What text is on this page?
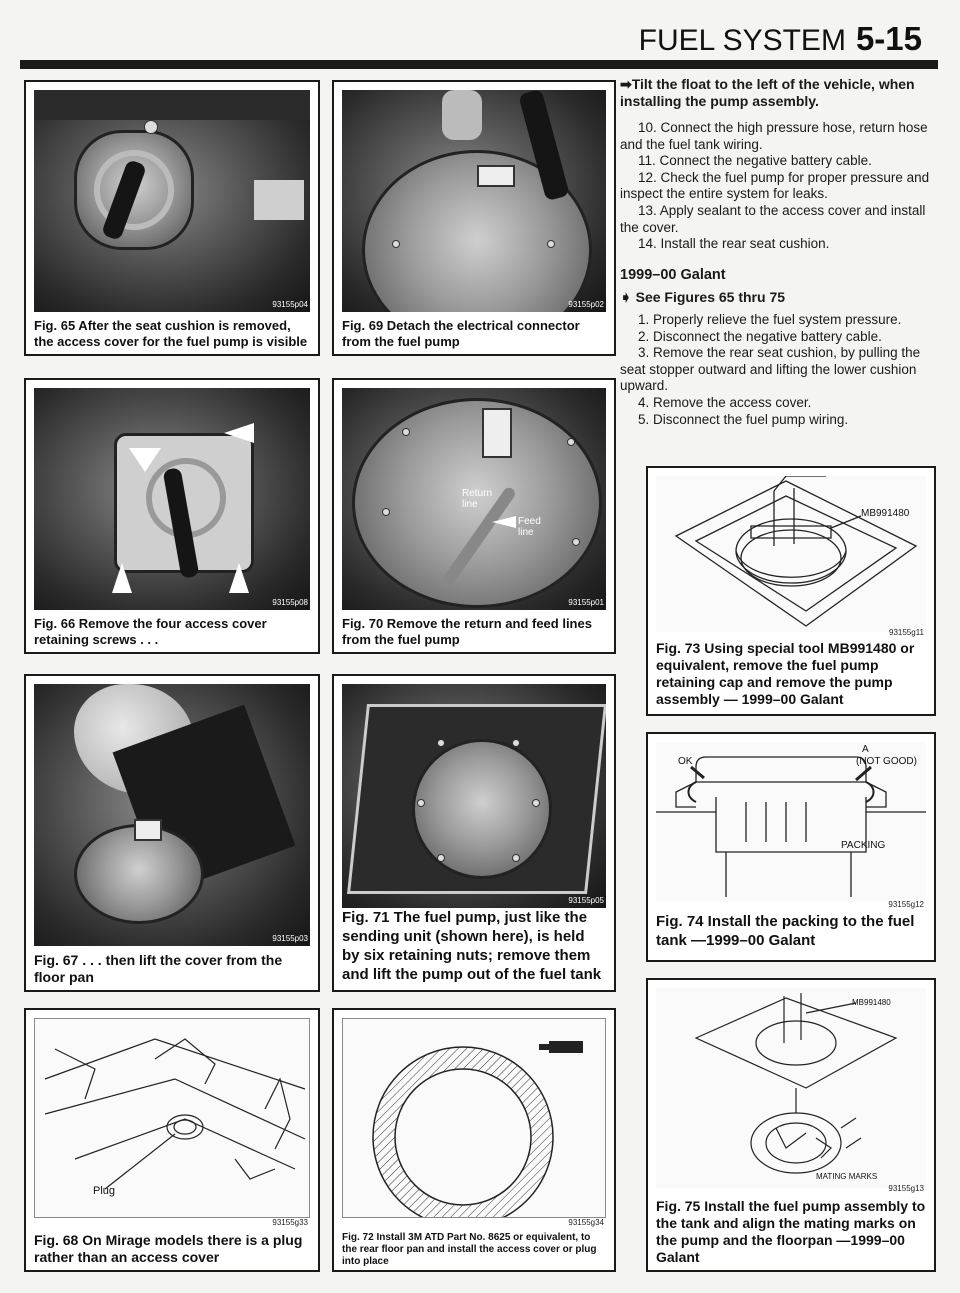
FUEL SYSTEM 5-15
93155p04
Fig. 65 After the seat cushion is removed, the access cover for the fuel pump is visible
93155p02
Fig. 69 Detach the electrical connector from the fuel pump
93155p08
Fig. 66 Remove the four access cover retaining screws . . .
Return line
Feed line
93155p01
Fig. 70 Remove the return and feed lines from the fuel pump
93155p03
Fig. 67 . . . then lift the cover from the floor pan
93155p05
Fig. 71 The fuel pump, just like the sending unit (shown here), is held by six retaining nuts; remove them and lift the pump out of the fuel tank
Plug
93155g33
Fig. 68 On Mirage models there is a plug rather than an access cover
93155g34
Fig. 72 Install 3M ATD Part No. 8625 or equivalent, to the rear floor pan and install the access cover or plug into place

➡Tilt the float to the left of the vehicle, when installing the pump assembly.

10. Connect the high pressure hose, return hose and the fuel tank wiring.

11. Connect the negative battery cable.

12. Check the fuel pump for proper pressure and inspect the entire system for leaks.

13. Apply sealant to the access cover and install the cover.

14. Install the rear seat cushion.

1999–00 Galant

➧ See Figures 65 thru 75

1. Properly relieve the fuel system pressure.

2. Disconnect the negative battery cable.

3. Remove the rear seat cushion, by pulling the seat stopper outward and lifting the lower cushion upward.

4. Remove the access cover.

5. Disconnect the fuel pump wiring.

MB991480
93155g11
Fig. 73 Using special tool MB991480 or equivalent, remove the fuel pump retaining cap and remove the pump assembly — 1999–00 Galant
OK
A
(NOT GOOD)
PACKING
93155g12
Fig. 74 Install the packing to the fuel tank —1999–00 Galant
MB991480
MATING MARKS
93155g13
Fig. 75 Install the fuel pump assembly to the tank and align the mating marks on the pump and the floorpan —1999–00 Galant
